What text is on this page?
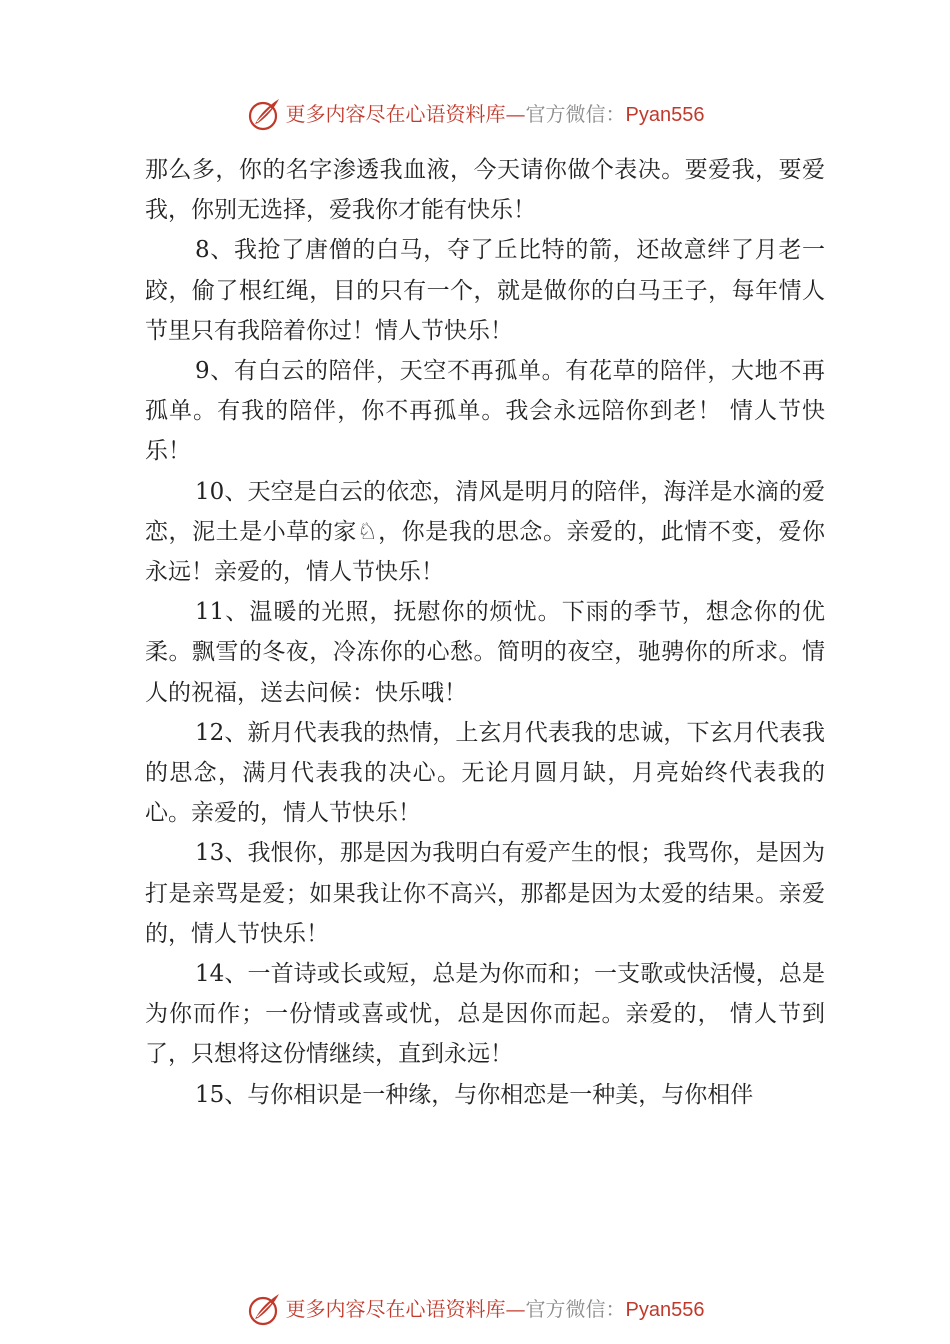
更多内容尽在心语资料库—官方微信：Pyan556

那么多，你的名字渗透我血液，今天请你做个表决。要爱我，要爱我，你别无选择，爱我你才能有快乐！

8、我抢了唐僧的白马，夺了丘比特的箭，还故意绊了月老一跤，偷了根红绳，目的只有一个，就是做你的白马王子，每年情人节里只有我陪着你过！情人节快乐！

9、有白云的陪伴，天空不再孤单。有花草的陪伴，大地不再孤单。有我的陪伴，你不再孤单。我会永远陪你到老！ 情人节快乐！

10、天空是白云的依恋，清风是明月的陪伴，海洋是水滴的爱恋，泥土是小草的家♘，你是我的思念。亲爱的，此情不变，爱你永远！亲爱的，情人节快乐！

11、温暖的光照，抚慰你的烦忧。下雨的季节，想念你的优柔。飘雪的冬夜，冷冻你的心愁。简明的夜空，驰骋你的所求。情人的祝福，送去问候：快乐哦！

12、新月代表我的热情，上玄月代表我的忠诚，下玄月代表我的思念，满月代表我的决心。无论月圆月缺，月亮始终代表我的心。亲爱的，情人节快乐！

13、我恨你，那是因为我明白有爱产生的恨；我骂你，是因为打是亲骂是爱；如果我让你不高兴，那都是因为太爱的结果。亲爱的，情人节快乐！

14、一首诗或长或短，总是为你而和；一支歌或快活慢，总是为你而作；一份情或喜或忧，总是因你而起。亲爱的， 情人节到了，只想将这份情继续，直到永远！

15、与你相识是一种缘，与你相恋是一种美，与你相伴

更多内容尽在心语资料库—官方微信：Pyan556
